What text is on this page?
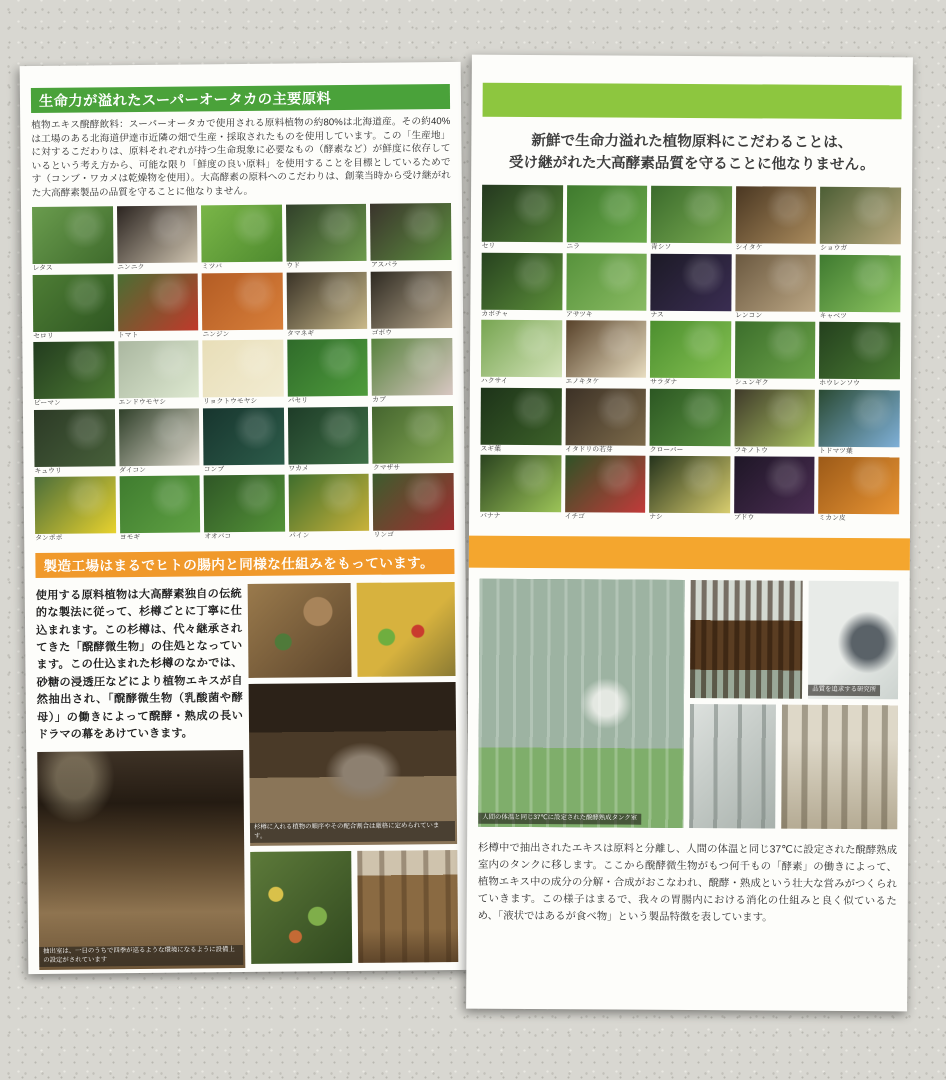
生命力が溢れたスーパーオータカの主要原料

植物エキス醗酵飲料：スーパーオータカで使用される原料植物の約80%は北海道産。その約40%は工場のある北海道伊達市近隣の畑で生産・採取されたものを使用しています。この「生産地」に対するこだわりは、原料それぞれが持つ生命現象に必要なもの（酵素など）が鮮度に依存しているという考え方から、可能な限り「鮮度の良い原料」を使用することを目標としているためです（コンブ・ワカメは乾燥物を使用）。大高酵素の原料へのこだわりは、創業当時から受け継がれた大高酵素製品の品質を守ることに他なりません。

レタス	ニンニク	ミツバ	ウド	アスパラ
セロリ	トマト	ニンジン	タマネギ	ゴボウ
ピーマン	エンドウモヤシ	リョクトウモヤシ	パセリ	カブ
キュウリ	ダイコン	コンブ	ワカメ	クマザサ
タンポポ	ヨモギ	オオバコ	パイン	リンゴ
製造工場はまるでヒトの腸内と同様な仕組みをもっています。

使用する原料植物は大高酵素独自の伝統的な製法に従って、杉樽ごとに丁寧に仕込まれます。この杉樽は、代々継承されてきた「醗酵微生物」の住処となっています。この仕込まれた杉樽のなかでは、砂糖の浸透圧などにより植物エキスが自然抽出され、「醗酵微生物（乳酸菌や酵母）」の働きによって醗酵・熟成の長いドラマの幕をあけていきます。

抽出室は、一日のうちで四季が巡るような環境になるように設備上の設定がされています
杉樽に入れる植物の順序やその配合割合は厳格に定められています。
新鮮で生命力溢れた植物原料にこだわることは、
受け継がれた大高酵素品質を守ることに他なりません。
セリ	ニラ	青シソ	シイタケ	ショウガ
カボチャ	アサツキ	ナス	レンコン	キャベツ
ハクサイ	エノキタケ	サラダナ	シュンギク	ホウレンソウ
スギ葉	イタドリの若芽	クローバー	フキノトウ	トドマツ葉
バナナ	イチゴ	ナシ	ブドウ	ミカン皮
人間の体温と同じ37℃に設定された醗酵熟成タンク室
品質を追求する研究所

杉樽中で抽出されたエキスは原料と分離し、人間の体温と同じ37℃に設定された醗酵熟成室内のタンクに移します。ここから醗酵微生物がもつ何千もの「酵素」の働きによって、植物エキス中の成分の分解・合成がおこなわれ、醗酵・熟成という壮大な営みがつくられていきます。この様子はまるで、我々の胃腸内における消化の仕組みと良く似ているため、「液状ではあるが食べ物」という製品特徴を表しています。
